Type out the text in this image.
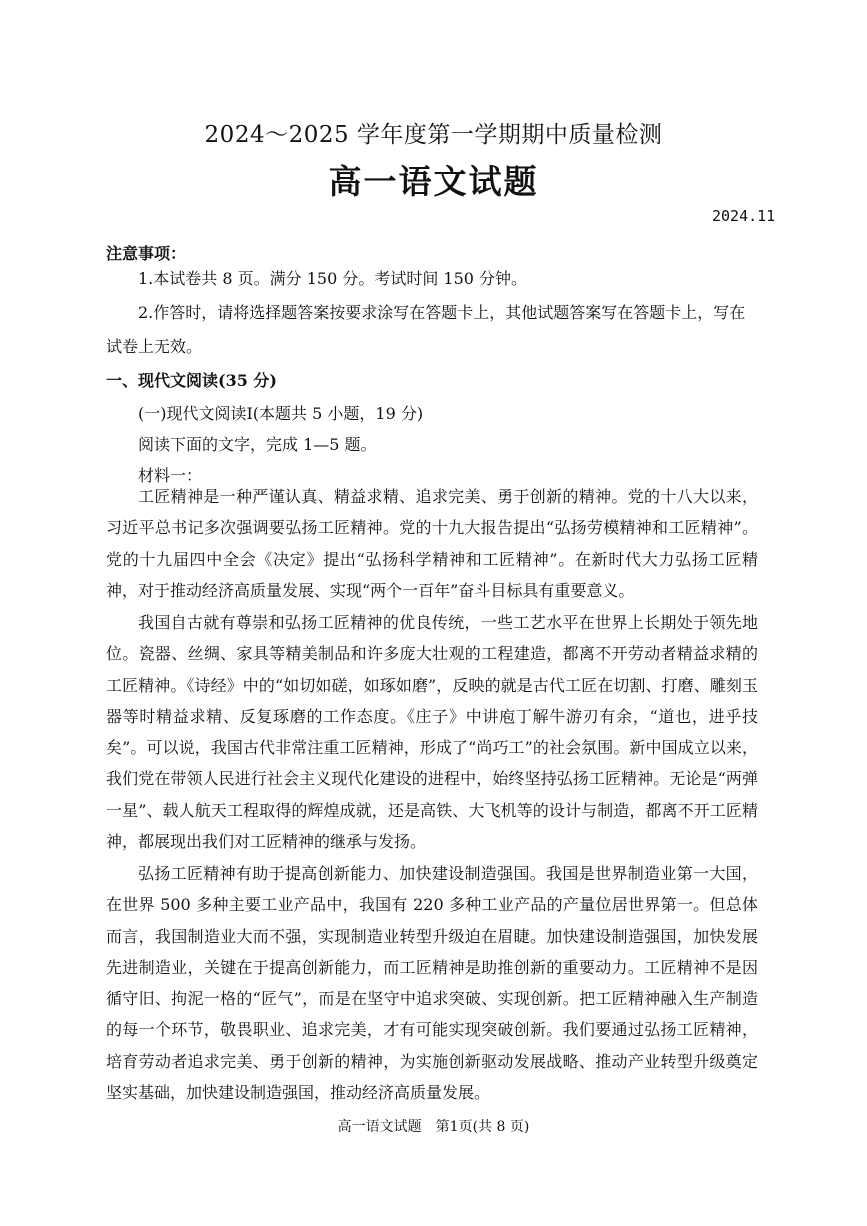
2024～2025 学年度第一学期期中质量检测
高一语文试题
2024.11
注意事项：
1.本试卷共 8 页。满分 150 分。考试时间 150 分钟。
2.作答时，请将选择题答案按要求涂写在答题卡上，其他试题答案写在答题卡上，写在试卷上无效。
一、现代文阅读(35 分)
(一)现代文阅读Ⅰ(本题共 5 小题，19 分)
阅读下面的文字，完成 1—5 题。
材料一：
工匠精神是一种严谨认真、精益求精、追求完美、勇于创新的精神。党的十八大以来，习近平总书记多次强调要弘扬工匠精神。党的十九大报告提出“弘扬劳模精神和工匠精神”。党的十九届四中全会《决定》提出“弘扬科学精神和工匠精神”。在新时代大力弘扬工匠精神，对于推动经济高质量发展、实现“两个一百年”奋斗目标具有重要意义。
我国自古就有尊崇和弘扬工匠精神的优良传统，一些工艺水平在世界上长期处于领先地位。瓷器、丝绸、家具等精美制品和许多庞大壮观的工程建造，都离不开劳动者精益求精的工匠精神。《诗经》中的“如切如磋，如琢如磨”，反映的就是古代工匠在切割、打磨、雕刻玉器等时精益求精、反复琢磨的工作态度。《庄子》中讲庖丁解牛游刃有余，“道也，进乎技矣”。可以说，我国古代非常注重工匠精神，形成了“尚巧工”的社会氛围。新中国成立以来，我们党在带领人民进行社会主义现代化建设的进程中，始终坚持弘扬工匠精神。无论是“两弹一星”、载人航天工程取得的辉煌成就，还是高铁、大飞机等的设计与制造，都离不开工匠精神，都展现出我们对工匠精神的继承与发扬。
弘扬工匠精神有助于提高创新能力、加快建设制造强国。我国是世界制造业第一大国，在世界 500 多种主要工业产品中，我国有 220 多种工业产品的产量位居世界第一。但总体而言，我国制造业大而不强，实现制造业转型升级迫在眉睫。加快建设制造强国，加快发展先进制造业，关键在于提高创新能力，而工匠精神是助推创新的重要动力。工匠精神不是因循守旧、拘泥一格的“匠气”，而是在坚守中追求突破、实现创新。把工匠精神融入生产制造的每一个环节，敬畏职业、追求完美，才有可能实现突破创新。我们要通过弘扬工匠精神，培育劳动者追求完美、勇于创新的精神，为实施创新驱动发展战略、推动产业转型升级奠定坚实基础，加快建设制造强国，推动经济高质量发展。
高一语文试题　第1页(共 8 页)
